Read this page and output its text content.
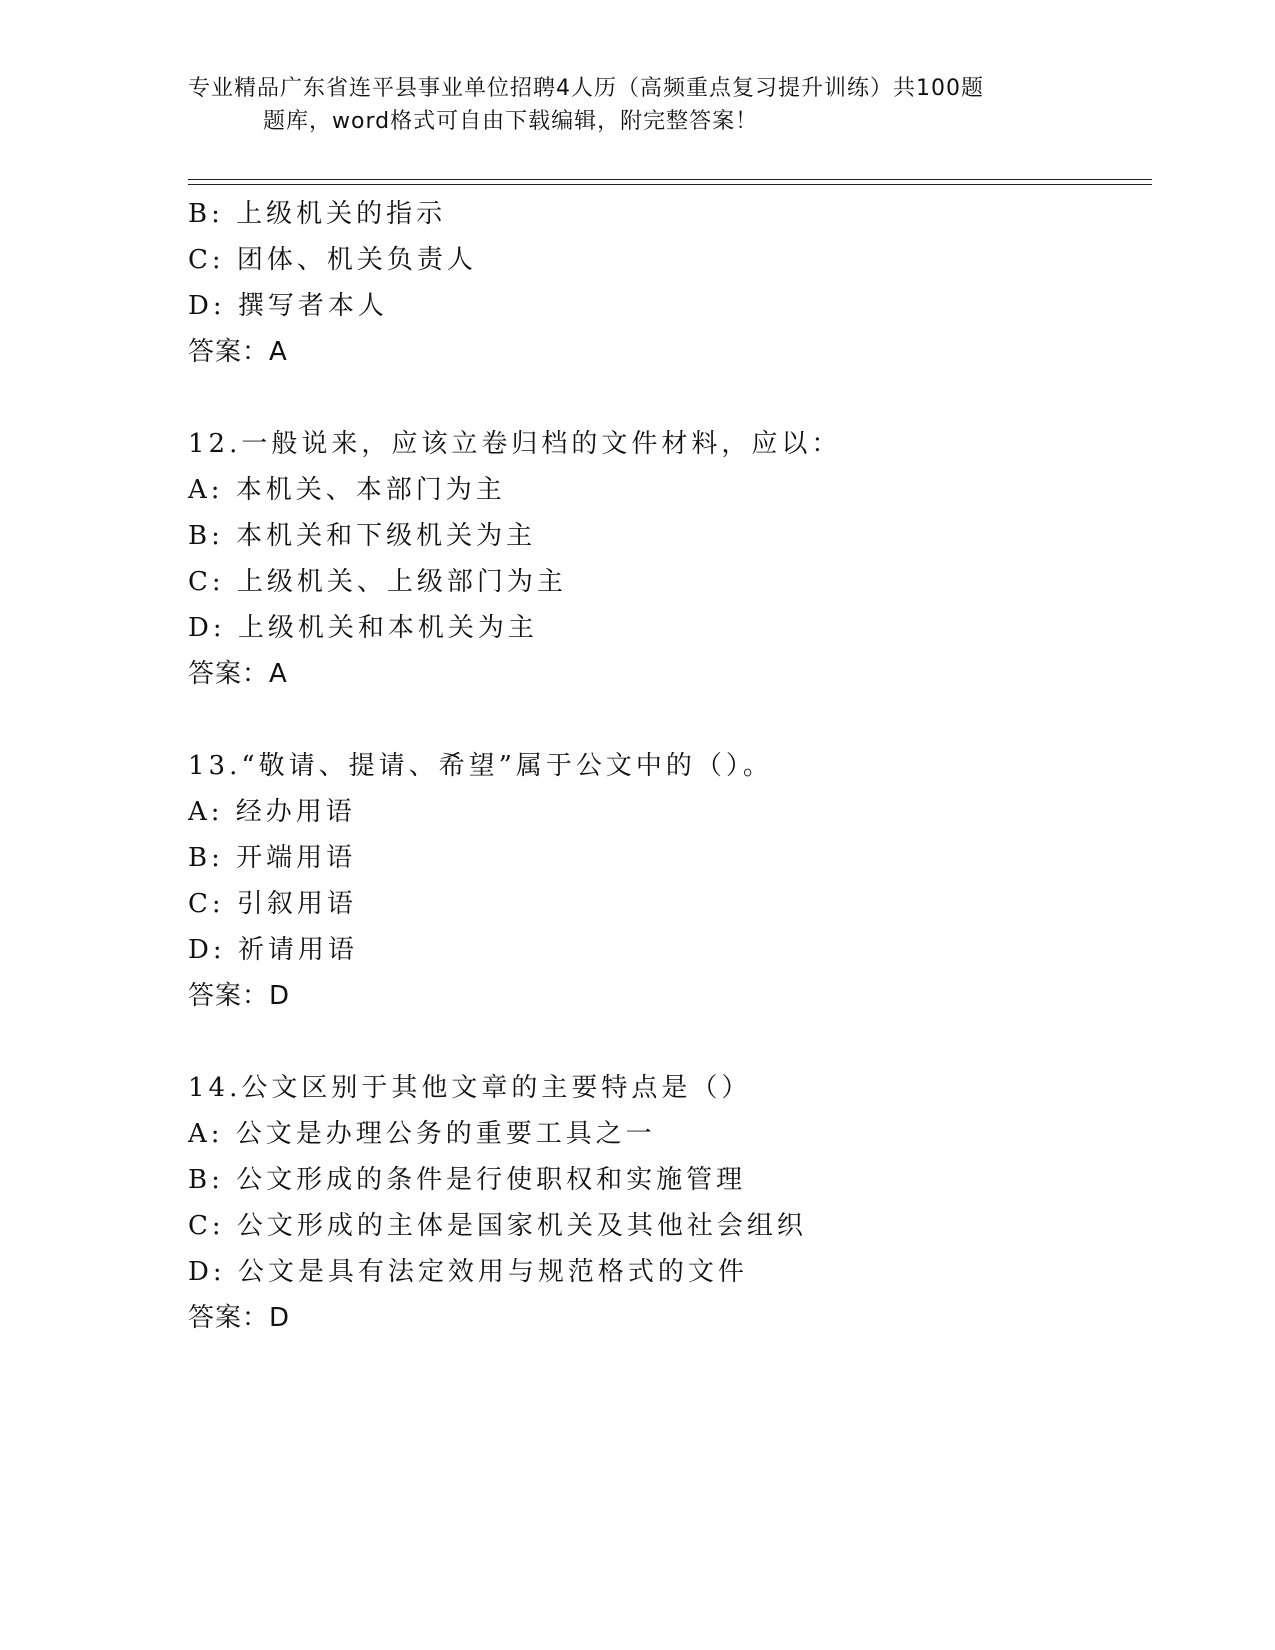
专业精品广东省连平县事业单位招聘4人历（高频重点复习提升训练）共100题
题库，word格式可自由下载编辑，附完整答案！
B: 上级机关的指示
C: 团体、机关负责人
D: 撰写者本人
答案：A
12.一般说来，应该立卷归档的文件材料，应以：
A: 本机关、本部门为主
B: 本机关和下级机关为主
C: 上级机关、上级部门为主
D: 上级机关和本机关为主
答案：A
13.“敬请、提请、希望”属于公文中的（）。
A: 经办用语
B: 开端用语
C: 引叙用语
D: 祈请用语
答案：D
14.公文区别于其他文章的主要特点是（）
A: 公文是办理公务的重要工具之一
B: 公文形成的条件是行使职权和实施管理
C: 公文形成的主体是国家机关及其他社会组织
D: 公文是具有法定效用与规范格式的文件
答案：D
